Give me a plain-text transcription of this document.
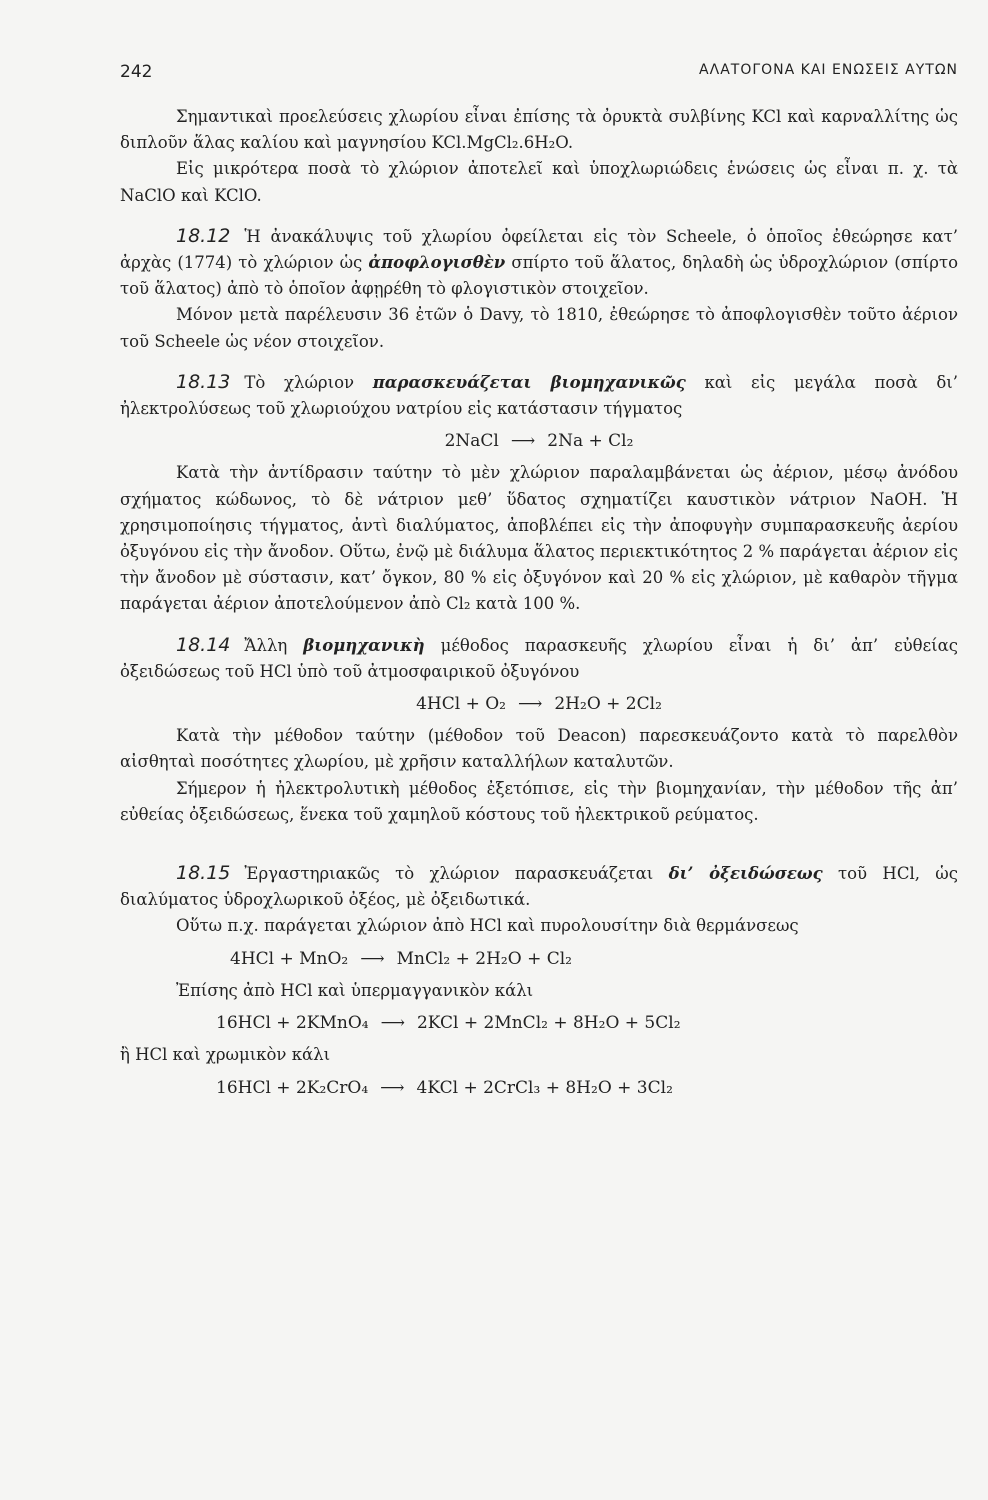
242	ΑΛΑΤΟΓΟΝΑ ΚΑΙ ΕΝΩΣΕΙΣ ΑΥΤΩΝ

Σημαντικαὶ προελεύσεις χλωρίου εἶναι ἐπίσης τὰ ὀρυκτὰ συλβίνης KCl καὶ καρναλλίτης ὡς διπλοῦν ἅλας καλίου καὶ μαγνησίου KCl.MgCl₂.6H₂O.

Εἰς μικρότερα ποσὰ τὸ χλώριον ἀποτελεῖ καὶ ὑποχλωριώδεις ἑνώσεις ὡς εἶναι π. χ. τὰ NaClO καὶ KClO.

18.12 Ἡ ἀνακάλυψις τοῦ χλωρίου ὀφείλεται εἰς τὸν Scheele, ὁ ὁποῖος ἐθεώρησε κατ’ ἀρχὰς (1774) τὸ χλώριον ὡς ἀποφλογισθὲν σπίρτο τοῦ ἅλατος, δηλαδὴ ὡς ὑδροχλώριον (σπίρτο τοῦ ἅλατος) ἀπὸ τὸ ὁποῖον ἀφῃρέθη τὸ φλογιστικὸν στοιχεῖον.

Μόνον μετὰ παρέλευσιν 36 ἐτῶν ὁ Davy, τὸ 1810, ἐθεώρησε τὸ ἀποφλογισθὲν τοῦτο ἀέριον τοῦ Scheele ὡς νέον στοιχεῖον.

18.13 Τὸ χλώριον παρασκευάζεται βιομηχανικῶς καὶ εἰς μεγάλα ποσὰ δι’ ἠλεκτρολύσεως τοῦ χλωριούχου νατρίου εἰς κατάστασιν τήγματος

2NaCl ⟶ 2Na + Cl₂

Κατὰ τὴν ἀντίδρασιν ταύτην τὸ μὲν χλώριον παραλαμβάνεται ὡς ἀέριον, μέσῳ ἀνόδου σχήματος κώδωνος, τὸ δὲ νάτριον μεθ’ ὕδατος σχηματίζει καυστικὸν νάτριον NaOH. Ἡ χρησιμοποίησις τήγματος, ἀντὶ διαλύματος, ἀποβλέπει εἰς τὴν ἀποφυγὴν συμπαρασκευῆς ἀερίου ὀξυγόνου εἰς τὴν ἄνοδον. Οὕτω, ἐνῷ μὲ διάλυμα ἅλατος περιεκτικότητος 2 % παράγεται ἀέριον εἰς τὴν ἄνοδον μὲ σύστασιν, κατ’ ὄγκον, 80 % εἰς ὀξυγόνον καὶ 20 % εἰς χλώριον, μὲ καθαρὸν τῆγμα παράγεται ἀέριον ἀποτελούμενον ἀπὸ Cl₂ κατὰ 100 %.

18.14 Ἄλλη βιομηχανικὴ μέθοδος παρασκευῆς χλωρίου εἶναι ἡ δι’ ἀπ’ εὐθείας ὀξειδώσεως τοῦ HCl ὑπὸ τοῦ ἀτμοσφαιρικοῦ ὀξυγόνου

4HCl + O₂ ⟶ 2H₂O + 2Cl₂

Κατὰ τὴν μέθοδον ταύτην (μέθοδον τοῦ Deacon) παρεσκευάζοντο κατὰ τὸ παρελθὸν αἰσθηταὶ ποσότητες χλωρίου, μὲ χρῆσιν καταλλήλων καταλυτῶν.

Σήμερον ἡ ἠλεκτρολυτικὴ μέθοδος ἐξετόπισε, εἰς τὴν βιομηχανίαν, τὴν μέθοδον τῆς ἀπ’ εὐθείας ὀξειδώσεως, ἕνεκα τοῦ χαμηλοῦ κόστους τοῦ ἠλεκτρικοῦ ρεύματος.

18.15 Ἐργαστηριακῶς τὸ χλώριον παρασκευάζεται δι’ ὀξειδώσεως τοῦ HCl, ὡς διαλύματος ὑδροχλωρικοῦ ὀξέος, μὲ ὀξειδωτικά.

Οὕτω π.χ. παράγεται χλώριον ἀπὸ HCl καὶ πυρολουσίτην διὰ θερμάνσεως

4HCl + MnO₂ ⟶ MnCl₂ + 2H₂O + Cl₂

Ἐπίσης ἀπὸ HCl καὶ ὑπερμαγγανικὸν κάλι

16HCl + 2KMnO₄ ⟶ 2KCl + 2MnCl₂ + 8H₂O + 5Cl₂

ἢ HCl καὶ χρωμικὸν κάλι

16HCl + 2K₂CrO₄ ⟶ 4KCl + 2CrCl₃ + 8H₂O + 3Cl₂
